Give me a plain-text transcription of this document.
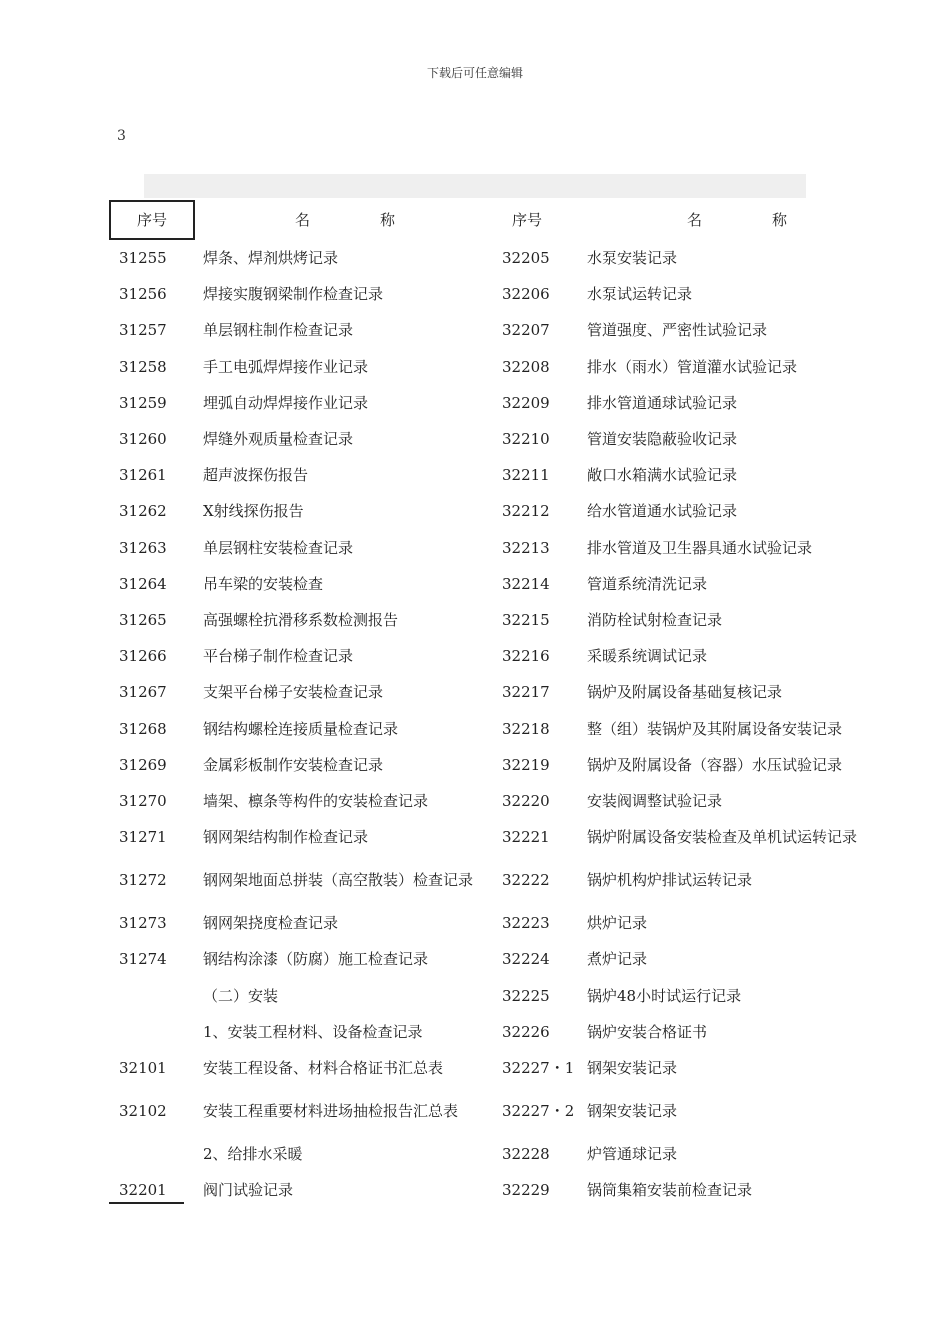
下载后可任意编辑
3
序号	名 称	序号	名 称
31255	焊条、焊剂烘烤记录	32205	水泵安装记录
31256	焊接实腹钢梁制作检查记录	32206	水泵试运转记录
31257	单层钢柱制作检查记录	32207	管道强度、严密性试验记录
31258	手工电弧焊焊接作业记录	32208	排水（雨水）管道灌水试验记录
31259	埋弧自动焊焊接作业记录	32209	排水管道通球试验记录
31260	焊缝外观质量检查记录	32210	管道安装隐蔽验收记录
31261	超声波探伤报告	32211	敞口水箱满水试验记录
31262	X射线探伤报告	32212	给水管道通水试验记录
31263	单层钢柱安装检查记录	32213	排水管道及卫生器具通水试验记录
31264	吊车梁的安装检查	32214	管道系统清洗记录
31265	高强螺栓抗滑移系数检测报告	32215	消防栓试射检查记录
31266	平台梯子制作检查记录	32216	采暖系统调试记录
31267	支架平台梯子安装检查记录	32217	锅炉及附属设备基础复核记录
31268	钢结构螺栓连接质量检查记录	32218	整（组）装锅炉及其附属设备安装记录
31269	金属彩板制作安装检查记录	32219	锅炉及附属设备（容器）水压试验记录
31270	墙架、檩条等构件的安装检查记录	32220	安装阀调整试验记录
31271	钢网架结构制作检查记录	32221	锅炉附属设备安装检查及单机试运转记录
31272	钢网架地面总拼装（高空散装）检查记录	32222	锅炉机构炉排试运转记录
31273	钢网架挠度检查记录	32223	烘炉记录
31274	钢结构涂漆（防腐）施工检查记录	32224	煮炉记录
	（二）安装	32225	锅炉48小时试运行记录
	1、安装工程材料、设备检查记录	32226	锅炉安装合格证书
32101	安装工程设备、材料合格证书汇总表	32227・1	钢架安装记录
32102	安装工程重要材料进场抽检报告汇总表	32227・2	钢架安装记录
	2、给排水采暖	32228	炉管通球记录
32201	阀门试验记录	32229	锅筒集箱安装前检查记录
